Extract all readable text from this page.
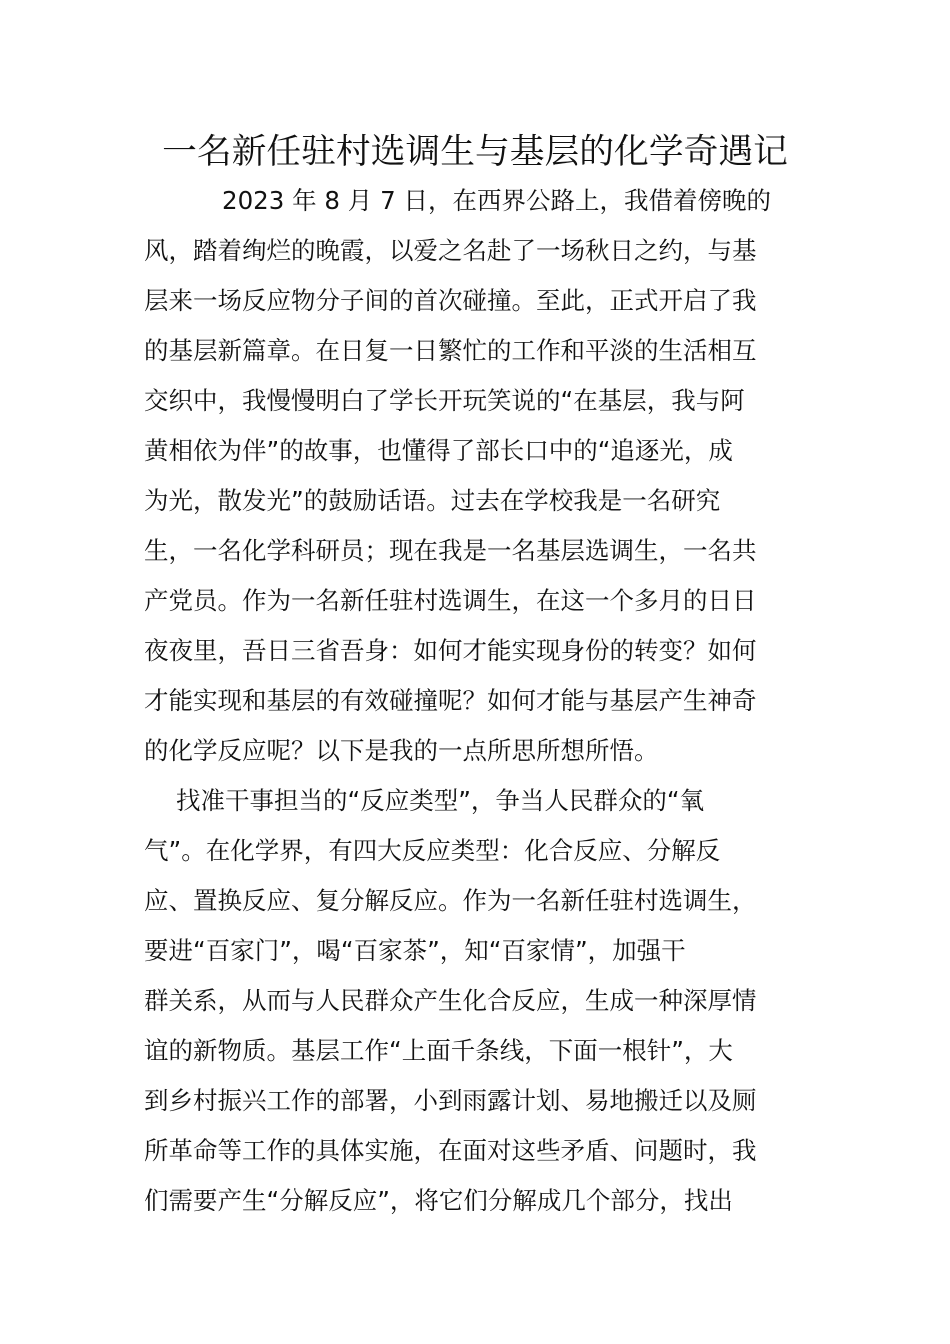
一名新任驻村选调生与基层的化学奇遇记
2023 年 8 月 7 日，在西界公路上，我借着傍晚的
风，踏着绚烂的晚霞，以爱之名赴了一场秋日之约，与基
层来一场反应物分子间的首次碰撞。至此，正式开启了我
的基层新篇章。在日复一日繁忙的工作和平淡的生活相互
交织中，我慢慢明白了学长开玩笑说的“在基层，我与阿
黄相依为伴”的故事，也懂得了部长口中的“追逐光，成
为光，散发光”的鼓励话语。过去在学校我是一名研究
生，一名化学科研员；现在我是一名基层选调生，一名共
产党员。作为一名新任驻村选调生，在这一个多月的日日
夜夜里，吾日三省吾身：如何才能实现身份的转变？如何
才能实现和基层的有效碰撞呢？如何才能与基层产生神奇
的化学反应呢？以下是我的一点所思所想所悟。
找准干事担当的“反应类型”，争当人民群众的“氧
气”。在化学界，有四大反应类型：化合反应、分解反
应、置换反应、复分解反应。作为一名新任驻村选调生，
要进“百家门”，喝“百家茶”，知“百家情”，加强干
群关系，从而与人民群众产生化合反应，生成一种深厚情
谊的新物质。基层工作“上面千条线，下面一根针”，大
到乡村振兴工作的部署，小到雨露计划、易地搬迁以及厕
所革命等工作的具体实施，在面对这些矛盾、问题时，我
们需要产生“分解反应”，将它们分解成几个部分，找出
